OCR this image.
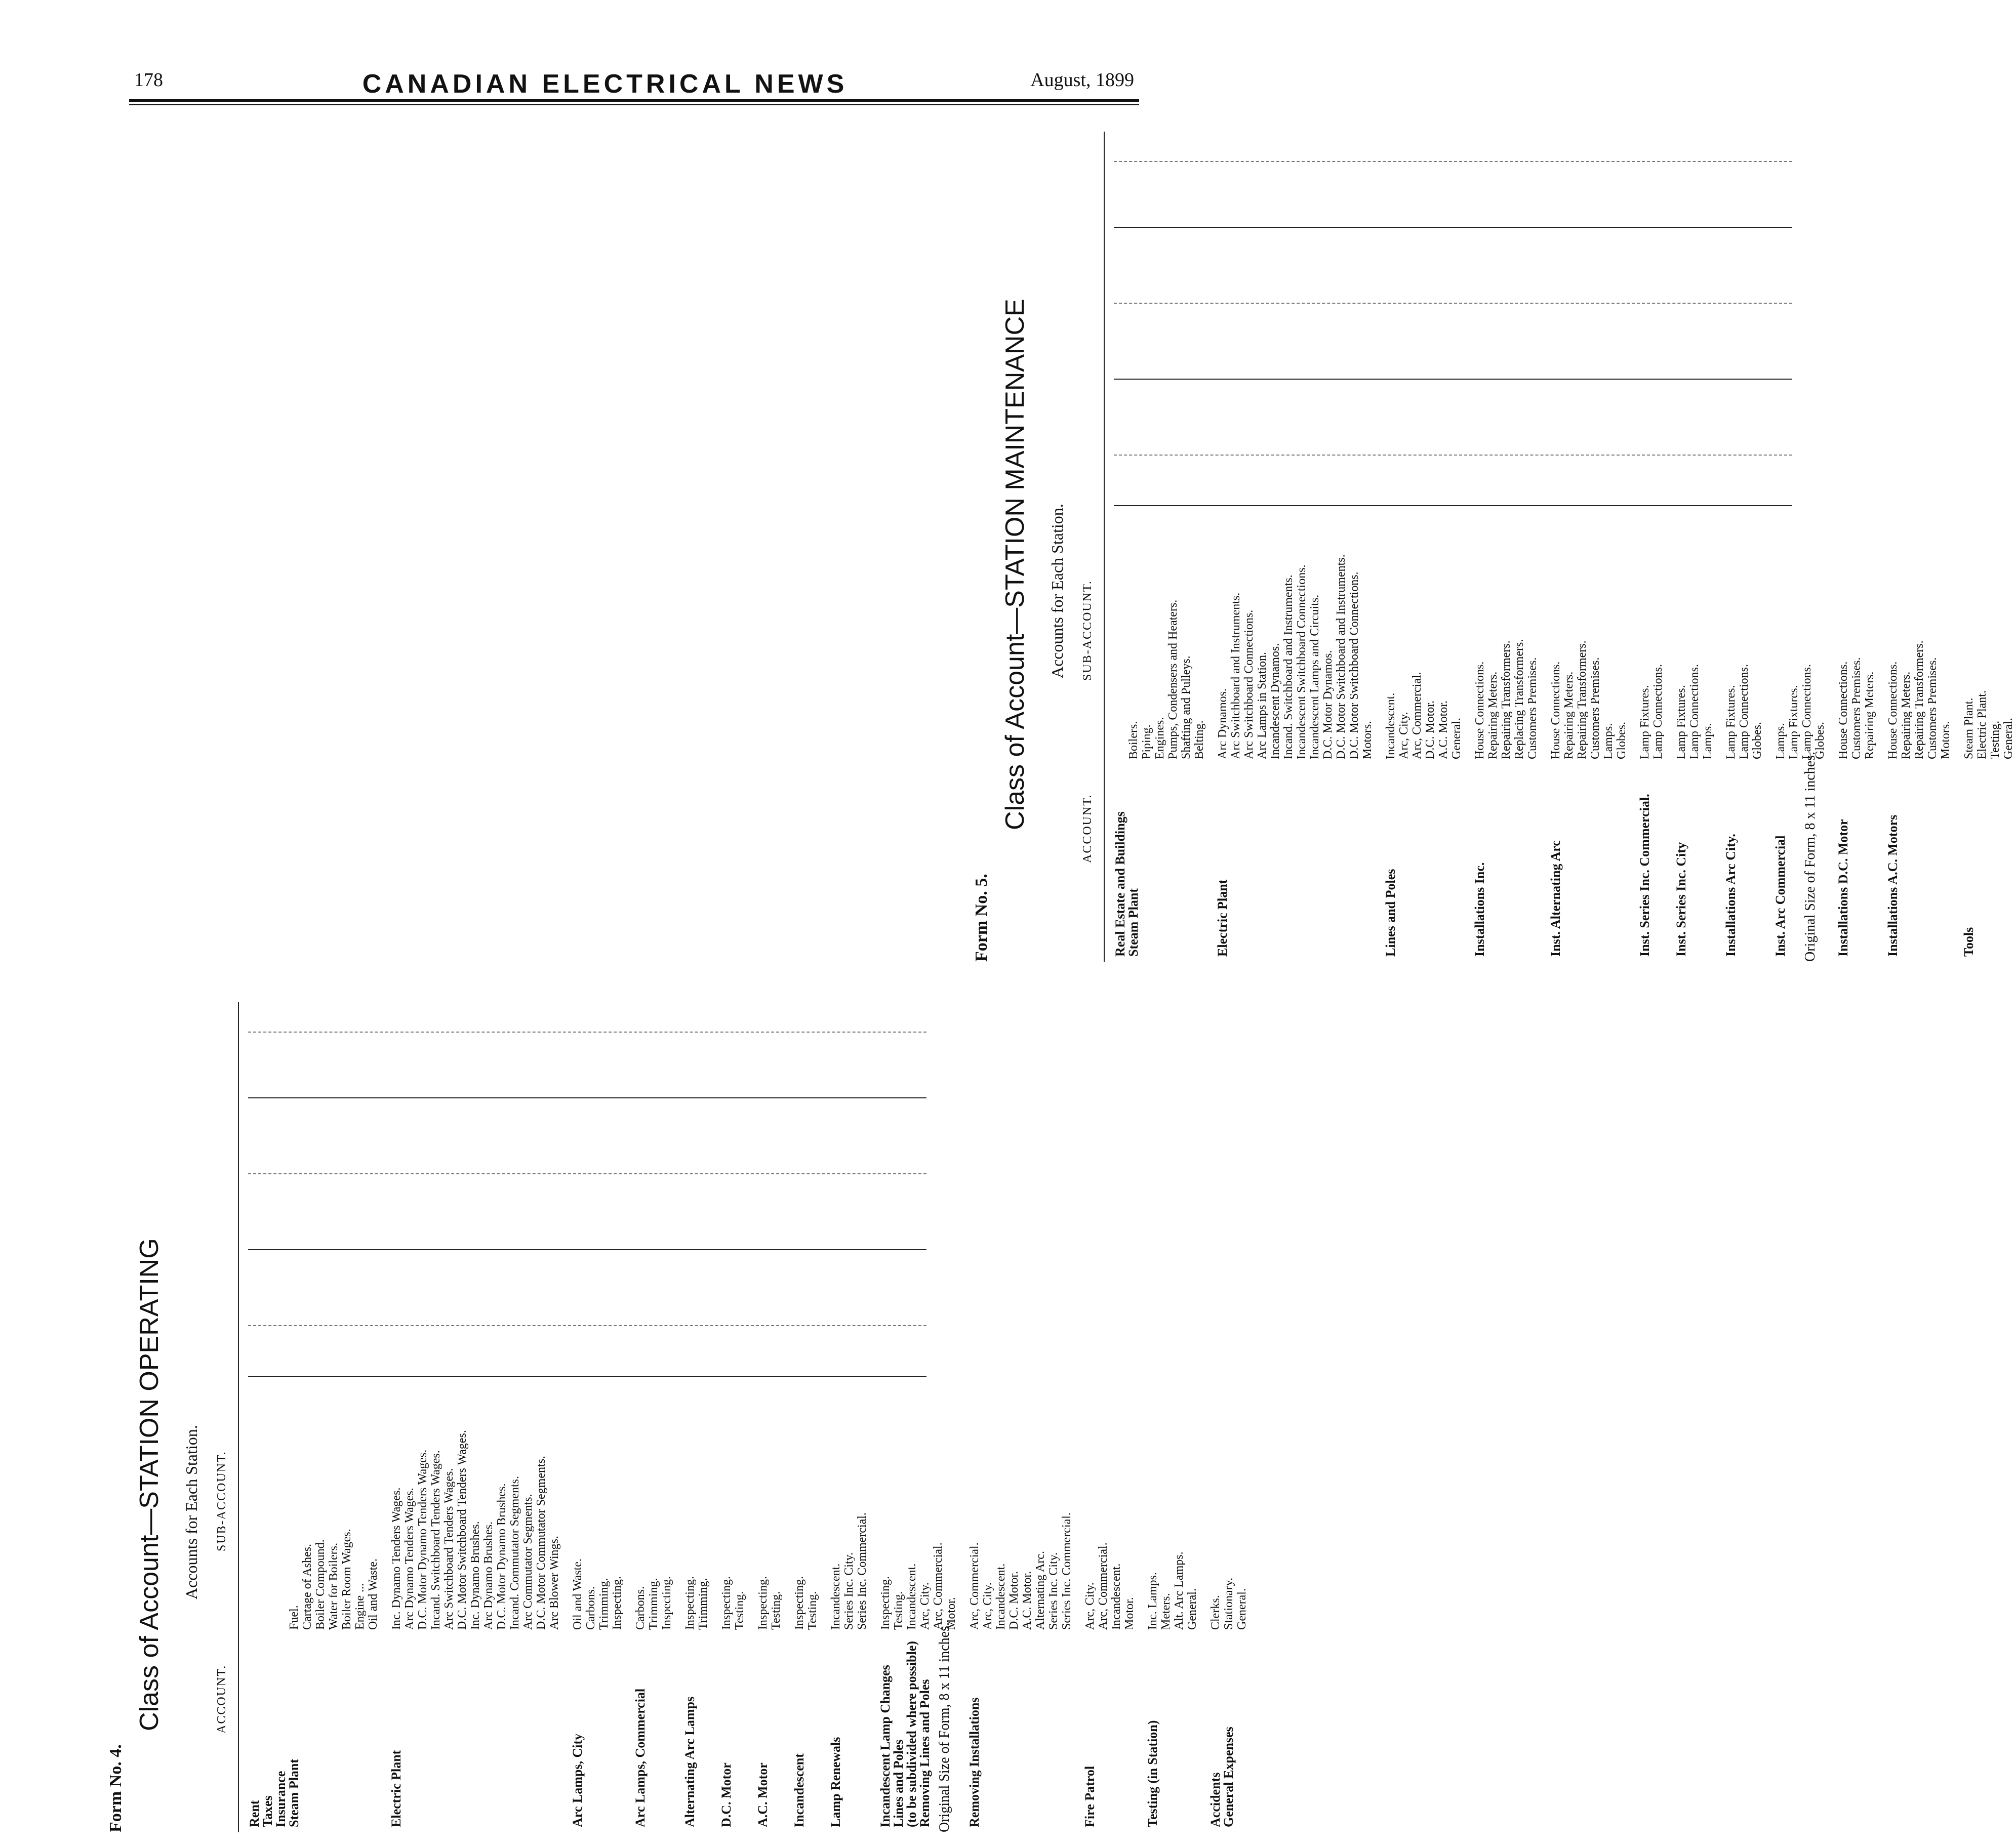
178	CANADIAN ELECTRICAL NEWS	August, 1899
Form No. 4.
Class of Account—STATION OPERATING Accounts for Each Station.
ACCOUNT.
SUB-ACCOUNT.
Rent
Taxes
Insurance
Steam Plant

Fuel. Cartage of Ashes. Boiler Compound. Water for Boilers. Boiler Room Wages. Engine ... Oil and Waste.
Electric Plant
Inc. Dynamo Tenders Wages. Arc Dynamo Tenders Wages. D.C. Motor Dynamo Tenders Wages. Incand. Switchboard Tenders Wages. Arc Switchboard Tenders Wages. D.C. Motor Switchboard Tenders Wages. Inc. Dynamo Brushes. Arc Dynamo Brushes. D.C. Motor Dynamo Brushes. Incand. Commutator Segments. Arc Commutator Segments. D.C. Motor Commutator Segments. Arc Blower Wings.
Arc Lamps, City
Oil and Waste. Carbons. Trimming. Inspecting.
Arc Lamps, Commercial
Carbons. Trimming. Inspecting.
Alternating Arc Lamps
Inspecting. Trimming.
D.C. Motor
Inspecting. Testing.
A.C. Motor
Inspecting. Testing.
Incandescent
Inspecting. Testing.
Lamp Renewals
Incandescent. Series Inc. City. Series Inc. Commercial.
Incandescent Lamp Changes
Lines and Poles
(to be subdivided where possible)
Removing Lines and Poles
Inspecting. Testing. Incandescent. Arc, City. Arc, Commercial. Motor.
Removing Installations
Arc, Commercial. Arc, City. Incandescent. D.C. Motor. A.C. Motor. Alternating Arc. Series Inc. City. Series Inc. Commercial.
Fire Patrol
Arc, City. Arc, Commercial. Incandescent. Motor.
Testing (in Station)
Inc. Lamps. Meters. Alt. Arc Lamps. General.
Accidents
General Expenses
Clerks. Stationary. General.
Original Size of Form, 8 x 11 inches.
Form No. 5.
Class of Account—STATION MAINTENANCE Accounts for Each Station.
ACCOUNT.
SUB-ACCOUNT.
Real Estate and Buildings
Steam Plant

Boilers. Piping. Engines. Pumps, Condensers and Heaters. Shafting and Pulleys. Belting.
Electric Plant
Arc Dynamos. Arc Switchboard and Instruments. Arc Switchboard Connections. Arc Lamps in Station. Incandescent Dynamos. Incand. Switchboard and Instruments. Incandescent Switchboard Connections. Incandescent Lamps and Circuits. D.C. Motor Dynamos. D.C. Motor Switchboard and Instruments. D.C. Motor Switchboard Connections. Motors.
Lines and Poles
Incandescent. Arc, City. Arc, Commercial. D.C. Motor. A.C. Motor. General.
Installations Inc.
House Connections. Repairing Meters. Repairing Transformers. Replacing Transformers. Customers Premises.
Inst. Alternating Arc
House Connections. Repairing Meters. Repairing Transformers. Customers Premises. Lamps. Globes.
Inst. Series Inc. Commercial.
Lamp Fixtures. Lamp Connections.
Inst. Series Inc. City
Lamp Fixtures. Lamp Connections. Lamps.
Installations Arc City.
Lamp Fixtures. Lamp Connections. Globes.
Inst. Arc Commercial
Lamps. Lamp Fixtures. Lamp Connections. Globes.
Installations D.C. Motor
House Connections. Customers Premises. Repairing Meters.
Installations A.C. Motors
House Connections. Repairing Meters. Repairing Transformers. Customers Premises. Motors.
Tools
Steam Plant. Electric Plant. Testing. General.
Original Size of Form, 8 x 11 inches.
